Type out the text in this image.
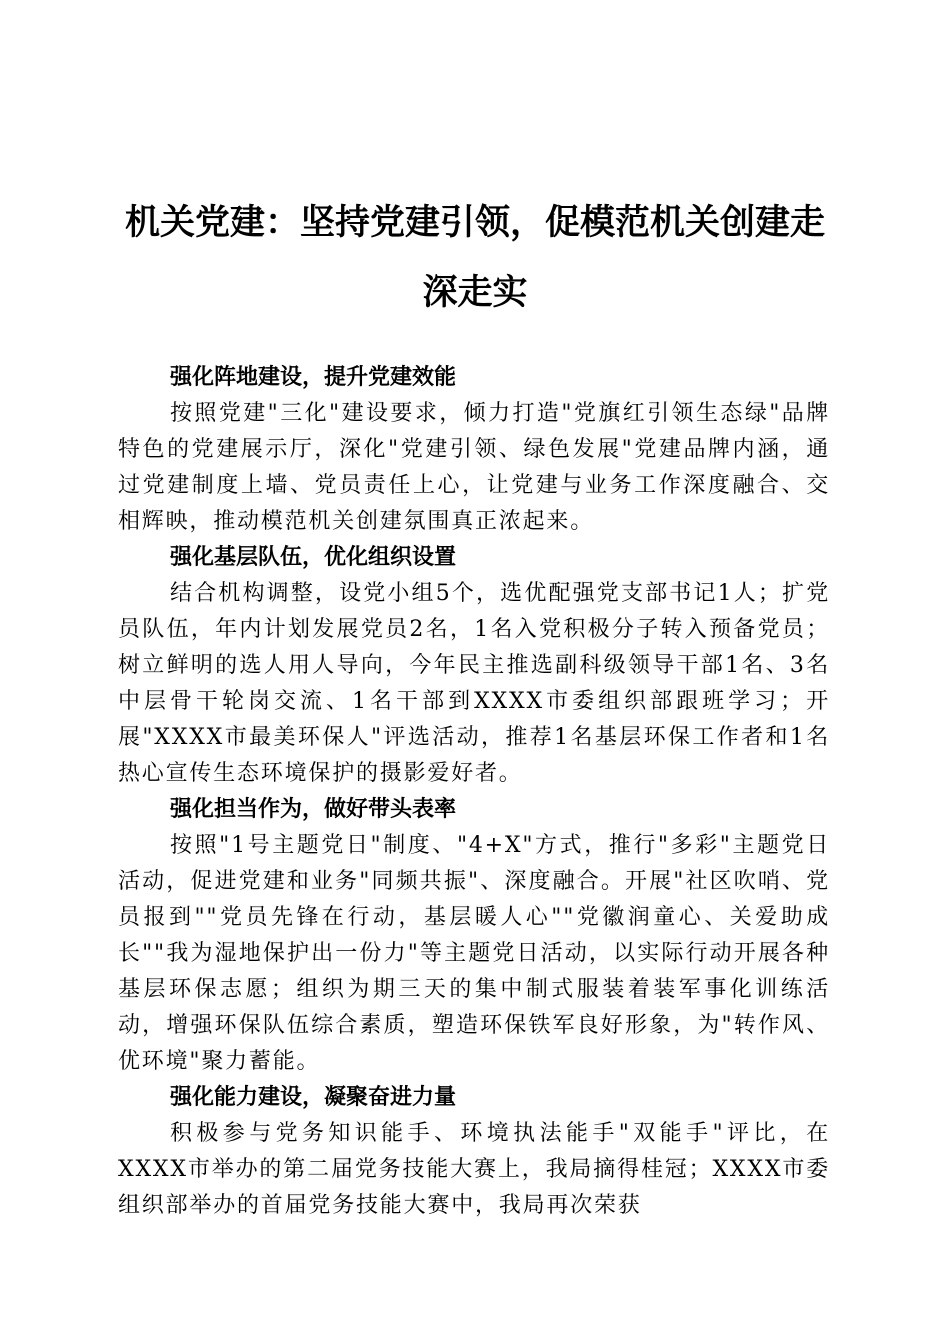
机关党建：坚持党建引领，促模范机关创建走深走实
强化阵地建设，提升党建效能

按照党建"三化"建设要求，倾力打造"党旗红引领生态绿"品牌特色的党建展示厅，深化"党建引领、绿色发展"党建品牌内涵，通过党建制度上墙、党员责任上心，让党建与业务工作深度融合、交相辉映，推动模范机关创建氛围真正浓起来。

强化基层队伍，优化组织设置

结合机构调整，设党小组5个，选优配强党支部书记1人；扩党员队伍，年内计划发展党员2名，1名入党积极分子转入预备党员；树立鲜明的选人用人导向，今年民主推选副科级领导干部1名、3名中层骨干轮岗交流、1名干部到XXXX市委组织部跟班学习；开展"XXXX市最美环保人"评选活动，推荐1名基层环保工作者和1名热心宣传生态环境保护的摄影爱好者。

强化担当作为，做好带头表率

按照"1号主题党日"制度、"4+X"方式，推行"多彩"主题党日活动，促进党建和业务"同频共振"、深度融合。开展"社区吹哨、党员报到""党员先锋在行动，基层暖人心""党徽润童心、关爱助成长""我为湿地保护出一份力"等主题党日活动，以实际行动开展各种基层环保志愿；组织为期三天的集中制式服装着装军事化训练活动，增强环保队伍综合素质，塑造环保铁军良好形象，为"转作风、优环境"聚力蓄能。

强化能力建设，凝聚奋进力量

积极参与党务知识能手、环境执法能手"双能手"评比，在XXXX市举办的第二届党务技能大赛上，我局摘得桂冠；XXXX市委组织部举办的首届党务技能大赛中，我局再次荣获
